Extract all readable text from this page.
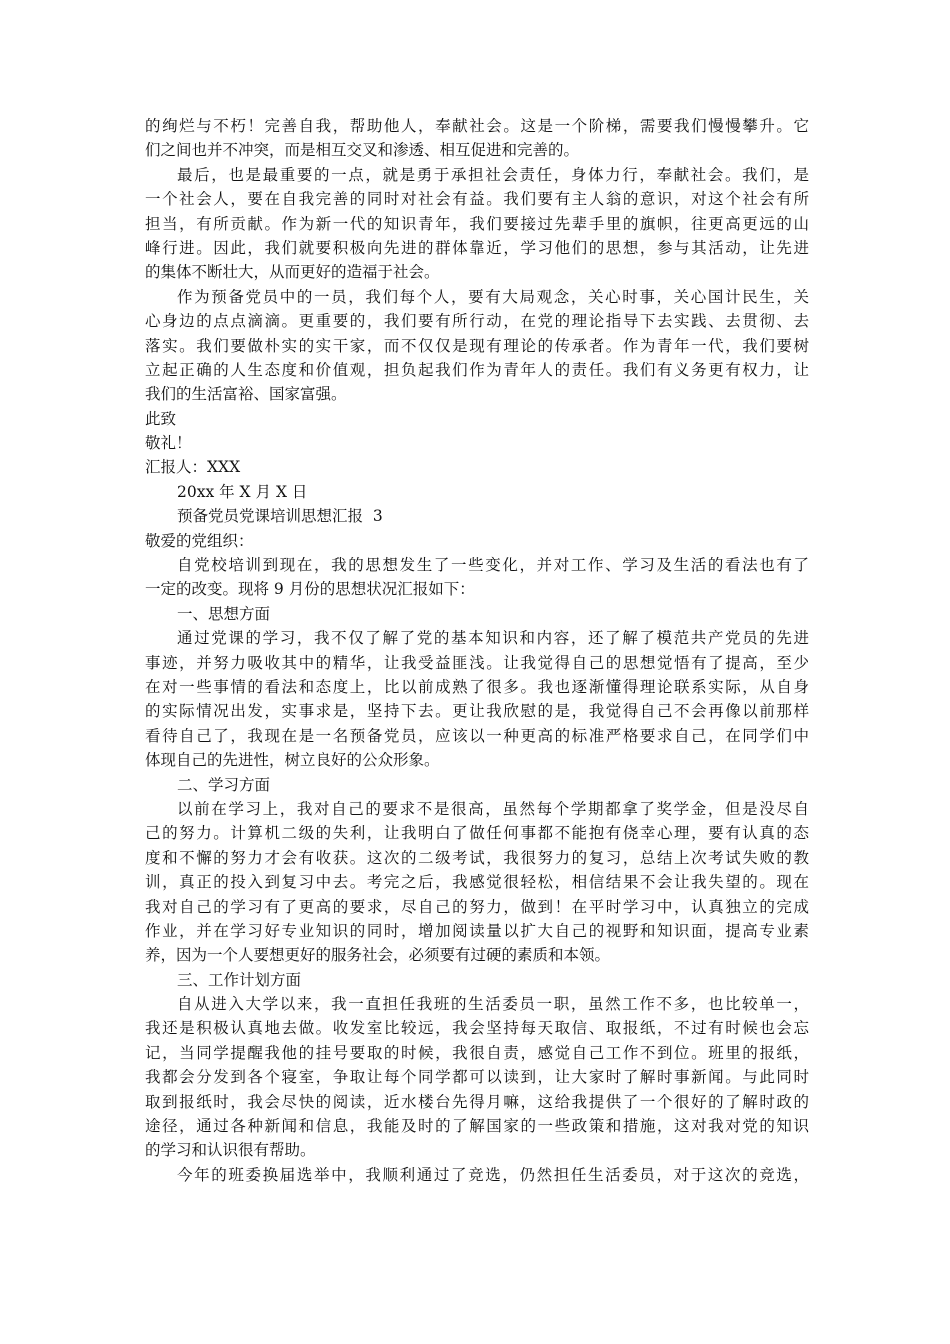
的绚烂与不朽！完善自我，帮助他人，奉献社会。这是一个阶梯，需要我们慢慢攀升。它
们之间也并不冲突，而是相互交叉和渗透、相互促进和完善的。
最后，也是最重要的一点，就是勇于承担社会责任，身体力行，奉献社会。我们，是
一个社会人，要在自我完善的同时对社会有益。我们要有主人翁的意识，对这个社会有所
担当，有所贡献。作为新一代的知识青年，我们要接过先辈手里的旗帜，往更高更远的山
峰行进。因此，我们就要积极向先进的群体靠近，学习他们的思想，参与其活动，让先进
的集体不断壮大，从而更好的造福于社会。
作为预备党员中的一员，我们每个人，要有大局观念，关心时事，关心国计民生，关
心身边的点点滴滴。更重要的，我们要有所行动，在党的理论指导下去实践、去贯彻、去
落实。我们要做朴实的实干家，而不仅仅是现有理论的传承者。作为青年一代，我们要树
立起正确的人生态度和价值观，担负起我们作为青年人的责任。我们有义务更有权力，让
我们的生活富裕、国家富强。
此致
敬礼！
汇报人：XXX
20xx 年 X 月 X 日
预备党员党课培训思想汇报  3
敬爱的党组织：
自党校培训到现在，我的思想发生了一些变化，并对工作、学习及生活的看法也有了
一定的改变。现将 9 月份的思想状况汇报如下：
一、思想方面
通过党课的学习，我不仅了解了党的基本知识和内容，还了解了模范共产党员的先进
事迹，并努力吸收其中的精华，让我受益匪浅。让我觉得自己的思想觉悟有了提高，至少
在对一些事情的看法和态度上，比以前成熟了很多。我也逐渐懂得理论联系实际，从自身
的实际情况出发，实事求是，坚持下去。更让我欣慰的是，我觉得自己不会再像以前那样
看待自己了，我现在是一名预备党员，应该以一种更高的标准严格要求自己，在同学们中
体现自己的先进性，树立良好的公众形象。
二、学习方面
以前在学习上，我对自己的要求不是很高，虽然每个学期都拿了奖学金，但是没尽自
己的努力。计算机二级的失利，让我明白了做任何事都不能抱有侥幸心理，要有认真的态
度和不懈的努力才会有收获。这次的二级考试，我很努力的复习，总结上次考试失败的教
训，真正的投入到复习中去。考完之后，我感觉很轻松，相信结果不会让我失望的。现在
我对自己的学习有了更高的要求，尽自己的努力，做到！在平时学习中，认真独立的完成
作业，并在学习好专业知识的同时，增加阅读量以扩大自己的视野和知识面，提高专业素
养，因为一个人要想更好的服务社会，必须要有过硬的素质和本领。
三、工作计划方面
自从进入大学以来，我一直担任我班的生活委员一职，虽然工作不多，也比较单一，
我还是积极认真地去做。收发室比较远，我会坚持每天取信、取报纸，不过有时候也会忘
记，当同学提醒我他的挂号要取的时候，我很自责，感觉自己工作不到位。班里的报纸，
我都会分发到各个寝室，争取让每个同学都可以读到，让大家时了解时事新闻。与此同时
取到报纸时，我会尽快的阅读，近水楼台先得月嘛，这给我提供了一个很好的了解时政的
途径，通过各种新闻和信息，我能及时的了解国家的一些政策和措施，这对我对党的知识
的学习和认识很有帮助。
今年的班委换届选举中，我顺利通过了竞选，仍然担任生活委员，对于这次的竞选，
